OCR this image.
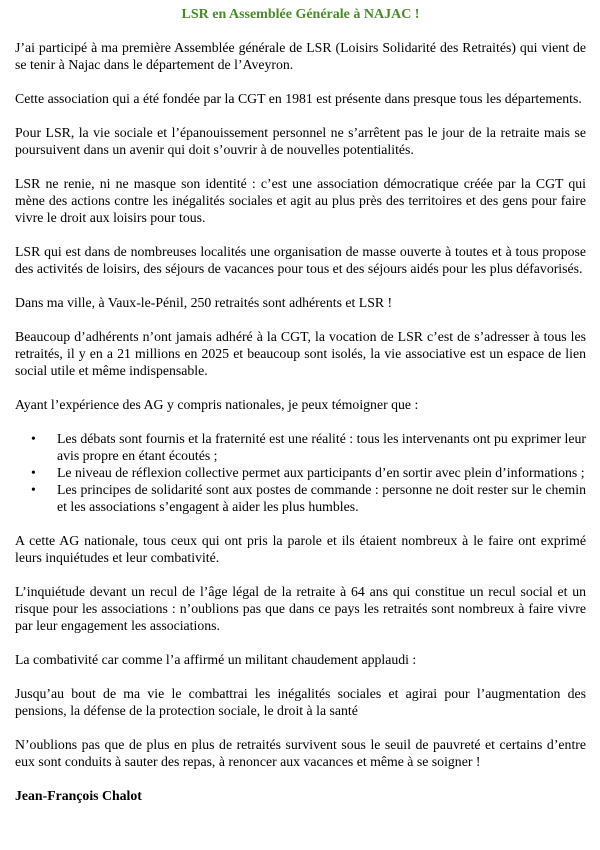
LSR en Assemblée Générale à NAJAC !

J’ai participé à ma première Assemblée générale de LSR (Loisirs Solidarité des Retraités) qui vient de se tenir à Najac dans le département de l’Aveyron.

Cette association qui a été fondée par la CGT en 1981 est présente dans presque tous les départements.

Pour LSR, la vie sociale et l’épanouissement personnel ne s’arrêtent pas le jour de la retraite mais se poursuivent dans un avenir qui doit s’ouvrir à de nouvelles potentialités.

LSR ne renie, ni ne masque son identité : c’est une association démocratique créée par la CGT qui mène des actions contre les inégalités sociales et agit au plus près des territoires et des gens pour faire vivre le droit aux loisirs pour tous.

LSR qui est dans de nombreuses localités une organisation de masse ouverte à toutes et à tous propose des activités de loisirs, des séjours de vacances pour tous et des séjours aidés pour les plus défavorisés.

Dans ma ville, à Vaux-le-Pénil, 250 retraités sont adhérents et LSR !

Beaucoup d’adhérents n’ont jamais adhéré à la CGT, la vocation de LSR c’est de s’adresser à tous les retraités, il y en a 21 millions en 2025 et beaucoup sont isolés, la vie associative est un espace de lien social utile et même indispensable.

Ayant l’expérience des AG y compris nationales, je peux témoigner que :

• Les débats sont fournis et la fraternité est une réalité : tous les intervenants ont pu exprimer leur avis propre en étant écoutés ;
• Le niveau de réflexion collective permet aux participants d’en sortir avec plein d’informations ;
• Les principes de solidarité sont aux postes de commande : personne ne doit rester sur le chemin et les associations s’engagent à aider les plus humbles.

A cette AG nationale, tous ceux qui ont pris la parole et ils étaient nombreux à le faire ont exprimé leurs inquiétudes et leur combativité.

L’inquiétude devant un recul de l’âge légal de la retraite à 64 ans qui constitue un recul social et un risque pour les associations : n’oublions pas que dans ce pays les retraités sont nombreux à faire vivre par leur engagement les associations.

La combativité car comme l’a affirmé un militant chaudement applaudi :

Jusqu’au bout de ma vie le combattrai les inégalités sociales et agirai pour l’augmentation des pensions, la défense de la protection sociale, le droit à la santé

N’oublions pas que de plus en plus de retraités survivent sous le seuil de pauvreté et certains d’entre eux sont conduits à sauter des repas, à renoncer aux vacances et même à se soigner !

Jean-François Chalot
